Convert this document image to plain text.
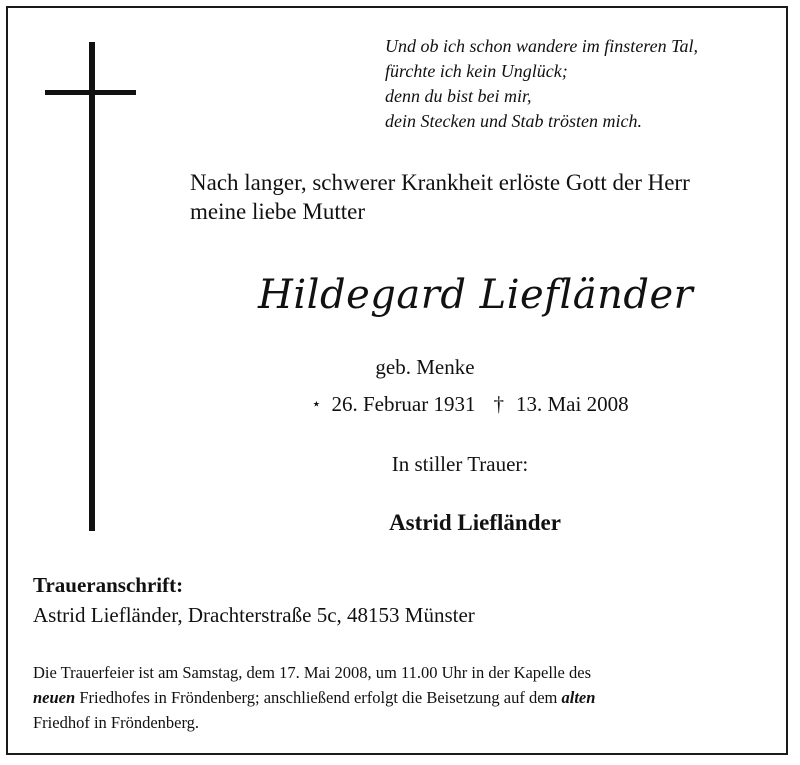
Und ob ich schon wandere im finsteren Tal,
fürchte ich kein Unglück;
denn du bist bei mir,
dein Stecken und Stab trösten mich.
Nach langer, schwerer Krankheit erlöste Gott der Herr
meine liebe Mutter
Hildegard Liefländer
geb. Menke
⋆ 26. Februar 1931 † 13. Mai 2008
In stiller Trauer:
Astrid Liefländer
Traueranschrift:
Astrid Liefländer, Drachterstraße 5c, 48153 Münster
Die Trauerfeier ist am Samstag, dem 17. Mai 2008, um 11.00 Uhr in der Kapelle des
neuen Friedhofes in Fröndenberg; anschließend erfolgt die Beisetzung auf dem alten
Friedhof in Fröndenberg.
